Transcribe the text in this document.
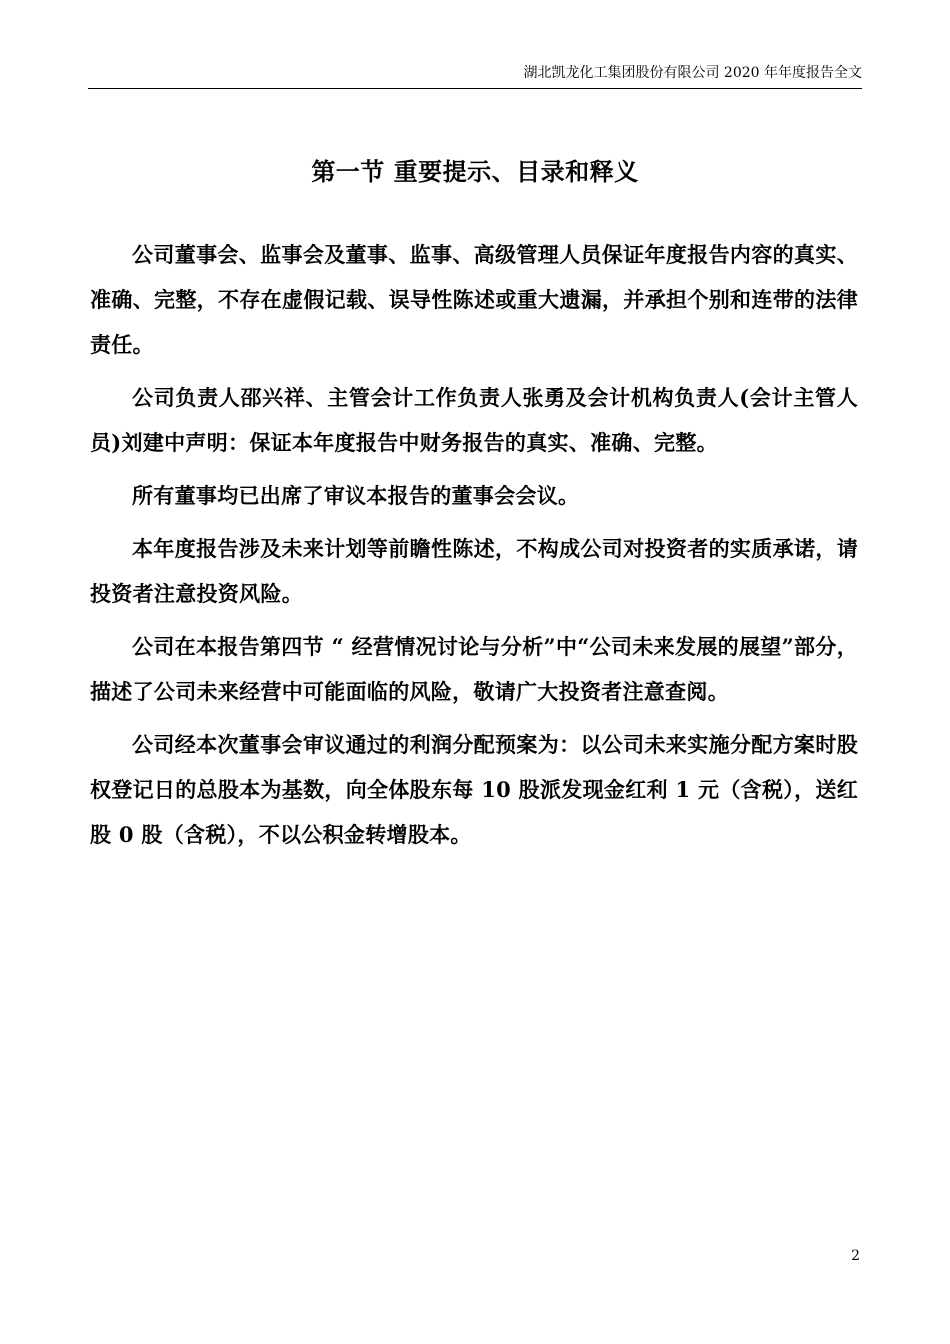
湖北凯龙化工集团股份有限公司 2020 年年度报告全文
第一节 重要提示、目录和释义

公司董事会、监事会及董事、监事、高级管理人员保证年度报告内容的真实、准确、完整，不存在虚假记载、误导性陈述或重大遗漏，并承担个别和连带的法律责任。

公司负责人邵兴祥、主管会计工作负责人张勇及会计机构负责人(会计主管人员)刘建中声明：保证本年度报告中财务报告的真实、准确、完整。

所有董事均已出席了审议本报告的董事会会议。

本年度报告涉及未来计划等前瞻性陈述，不构成公司对投资者的实质承诺，请投资者注意投资风险。

公司在本报告第四节 “ 经营情况讨论与分析”中“公司未来发展的展望”部分，描述了公司未来经营中可能面临的风险，敬请广大投资者注意查阅。

公司经本次董事会审议通过的利润分配预案为：以公司未来实施分配方案时股权登记日的总股本为基数，向全体股东每 10 股派发现金红利 1 元（含税），送红股 0 股（含税），不以公积金转增股本。

2
